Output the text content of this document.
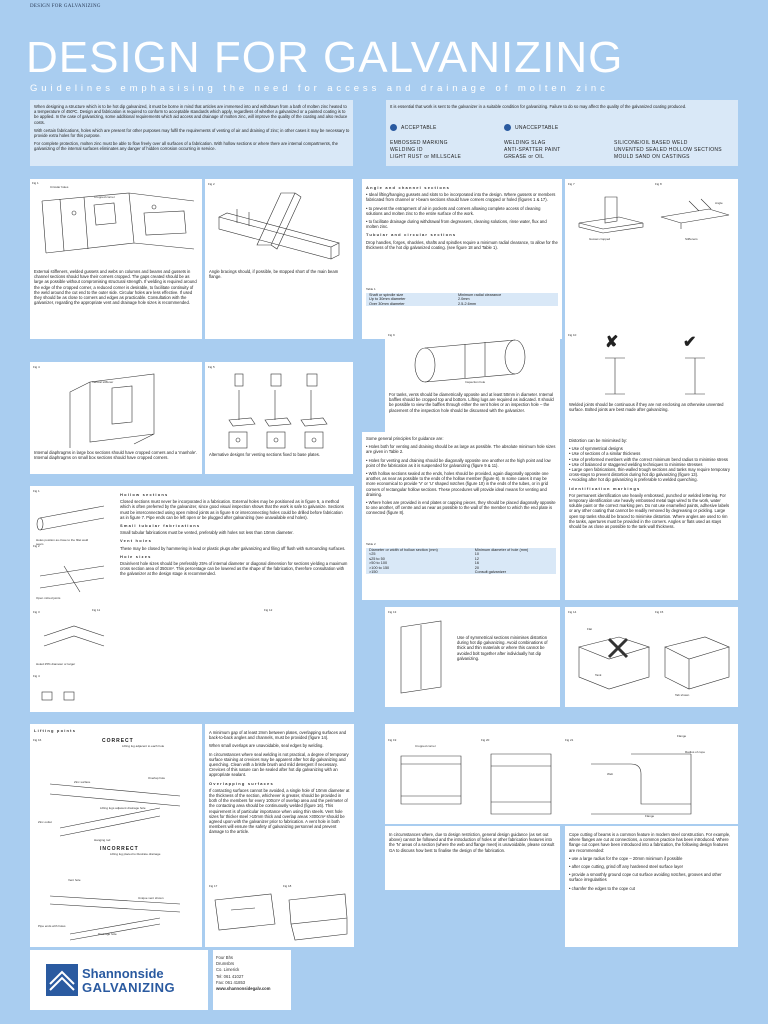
DESIGN FOR GALVANIZING
DESIGN FOR GALVANIZING
Guidelines emphasising the need for access and drainage of molten zinc

When designing a structure which is to be hot dip galvanized, it must be borne in mind that articles are immersed into and withdrawn from a bath of molten zinc heated to a temperature of 450ºC. Design and fabrication is required to conform to acceptable standards which apply, regardless of whether a galvanized or a painted coating is to be applied. In the case of galvanizing, some additional requirements which aid access and drainage of molten zinc, will improve the quality of the coating and also reduce costs.

With certain fabrications, holes which are present for other purposes may fulfil the requirements of venting of air and draining of zinc; in other cases it may be necessary to provide extra holes for this purpose.

For complete protection, molten zinc must be able to flow freely over all surfaces of a fabrication. With hollow sections or where there are internal compartments, the galvanizing of the internal surfaces eliminates any danger of hidden corrosion occurring in service.

It is essential that work is sent to the galvanizer in a suitable condition for galvanizing. Failure to do so may affect the quality of the galvanized coating produced.
ACCEPTABLE	UNACCEPTABLE
EMBOSSED MARKING
WELDING ID
LIGHT RUST or MILLSCALE
WELDING SLAG
ANTI-SPATTER PAINT
GREASE or OIL
SILICONE/OIL BASED WELD
UNVENTED SEALED HOLLOW SECTIONS
MOULD SAND ON CASTINGS
Circular holes
Cropped corner
Fig 1
External stiffeners, welded gussets and webs on columns and beams and gussets in channel sections should have their corners cropped. The gaps created should be as large as possible without compromising structural strength. If welding is required around the edge of the cropped corner, a reduced corner is desirable, to facilitate continuity of the weld around the cut end to the outer side. Circular holes are less effective. If used they should be as close to corners and edges as practicable. Consultation with the galvanizer, regarding the appropriate vent and drainage hole sizes is recommended.
Fig 2
Angle bracings should, if possible, be stopped short of the main beam flange.
Angle and channel sections

• Ideal lifting/hanging gussets and slots to be incorporated into the design. Where gussets or members fabricated from channel or I-beam sections should have corners cropped or holed (figures 1 & 17).

• to prevent the entrapment of air in pockets and corners allowing complete access of cleaning solutions and molten zinc to the entire surface of the work.

• to facilitate drainage during withdrawal from degreasers, cleaning solutions, rinse water, flux and molten zinc.

Tubular and circular sections

Drop handles, forges, shackles, shafts and spindles require a minimum radial clearance, to allow for the thickness of the hot dip galvanized coating. (see figure 18 and Table 1).

Table 1
Shaft or spindle size	Minimum radial clearance
Up to 30mm diameter	2.0mm
Over 30mm diameter	2.5-2.6mm
Fig 7	Fig 8
Gusset cropped	Stiffeners
Angle
Fig 4
Vertical stiffener
Internal diaphragms in large box sections should have cropped corners and a 'manhole'. Internal diaphragms on small box sections should have cropped corners.
Fig 5
Alternative designs for venting sections fixed to base plates.
Fig 9
Inspection hole
For tanks, vents should be diametrically opposite and at least 50mm in diameter. Internal baffles should be cropped top and bottom. Lifting lugs are required as indicated. It should be possible to view the baffles through either the vent holes or an inspection hole – the placement of the inspection hole should be discussed with the galvanizer.
Fig 10 ✘	✔
Welded joints should be continuous if they are not enclosing an otherwise unvented surface. Bolted joints are best made after galvanizing.
Fig 1
Fig 2
Fig 3
Fig 4
Holes position as close to the fillet weld seam
Open mitred joints
Holed 25% diameter or larger
Hollow sections

Closed sections must never be incorporated in a fabrication. External holes may be positioned as in figure 5, a method which is often preferred by the galvanizer, since good visual inspection shows that the work is safe to galvanize. Sections must be interconnected using open mitred joints as in figure 6 or interconnecting holes could be drilled before fabrication as in figure 7. Pipe ends can be left open or be plugged after galvanizing (see unavailable end holes).

Small tubular fabrications

Small tubular fabrications must be vented, preferably with holes not less than 10mm diameter.

Vent holes

These may be closed by hammering in lead or plastic plugs after galvanizing and filing off flush with surrounding surfaces.

Hole sizes

Drain/vent hole sizes should be preferably 25% of internal diameter or diagonal dimension for sections yielding a maximum cross section area of 350cm². This percentage can be lowered as the shape of the fabrication, therefore consultation with the galvanizer at the design stage is recommended.

Some general principles for guidance are:

• Holes both for venting and draining should be as large as possible. The absolute minimum hole sizes are given in Table 2.

• Holes for venting and draining should be diagonally opposite one another at the high point and low point of the fabrication as it is suspended for galvanizing (figure 9 & 11).

• With hollow sections sealed at the ends, holes should be provided, again diagonally opposite one another, as near as possible to the ends of the hollow member (figure 6). In some cases it may be more economical to provide 'V' or 'U' shaped notches (figure 10) in the ends of the tubes, or in grid corners of rectangular hollow sections. These procedures will provide ideal means for venting and draining.

• Where holes are provided in end plates or capping pieces, they should be placed diagonally opposite to one another, off centre and as near as possible to the wall of the member to which the end plate is connected (figure 8).

Table 2
Diameter or width of hollow section (mm)	Minimum diameter of hole (mm)
<25	10
≤25 to 50	12
>50 to 100	16
>100 to 150	20
>150	Consult galvanizer

Distortion can be minimised by:

• Use of symmetrical designs
• Use of sections of a similar thickness
• Use of preformed members with the correct minimum bend radius to minimise stress
• Use of balanced or staggered welding techniques to minimise stresses
• Large open fabrications, thin-walled trough sections and tanks may require temporary cross-stays to prevent distortion during hot dip galvanizing (figure 13).

• Avoiding after hot dip galvanizing is preferable to welded quenching.

Identification markings

For permanent identification use heavily embossed, punched or welded lettering. For temporary identification use heavily embossed metal tags wired to the work, water soluble paint or the correct marking pen. Do not use enamelled paints, adhesive labels or any other coating that cannot be readily removed by degreasing or pickling. Large open top tanks should be braced to minimise distortion. Where angles are used to rim the tanks, apertures must be provided in the corners. Angles or flats used as stays should be as close as possible to the tank wall thickness.

Fig 11	Fig 12	Fig 13
Use of symmetrical sections minimises distortion during hot dip galvanizing. Avoid combinations of thick and thin materials or where this cannot be avoided bolt together after individually hot dip galvanizing.
Fig 14	Fig 15
Flat
Tank
Tab shown
Lifting points
Fig 16	CORRECT
INCORRECT
Lifting lug adjacent to each hole
Zinc surface
Overlap hole
Lifting lugs adjacent drainage hole
Hanging rod
Lifting lug placed to illustrate drainage
Vent hole
Unique vent shown
Drainage hole
Zinc outlet
Pipe ends with holes

A minimum gap of at least 2mm between plates, overlapping surfaces and back-to-back angles and channels, must be provided (figure 14).

When small overlaps are unavoidable, seal edges by welding.

In circumstances where seal welding is not practical, a degree of temporary surface staining at crevices may be apparent after hot dip galvanizing and quenching. Clean with a bristle brush and mild detergent if necessary. Crevices of this nature can be sealed after hot dip galvanizing with an appropriate sealant.

Overlapping surfaces

If contacting surfaces cannot be avoided, a single hole of 10mm diameter at the thickness of the section, whichever is greater, should be provided in both of the members for every 100cm² of overlap area and the perimeter of the contacting area should be continuously welded (figure 16). This requirement is of particular importance when using thin steels. Vent hole sizes for thicker steel >10mm thick and overlap areas >300cm² should be agreed upon with the galvanizer prior to fabrication. A vent hole in both members will ensure the safety of galvanizing personnel and prevent damage to the article.

Fig 17	Fig 18
Fig 19	Fig 20	Fig 21
Cropped corner
Flange
Radius of cope
Web
Flange
In circumstances where, due to design restriction, general design guidance (as set out above) cannot be followed and the introduction of holes or other fabrication features into the 'N' areas of a section (where the web and flange meet) is unavoidable, please consult GA to discuss how best to finalise the design of the fabrication.

Cope cutting of beams is a common feature in modern steel construction. For example, where flanges are cut at connections, a common practice has been introduced. Where flange cut copes have been introduced into a fabrication, the following design features are recommended:

• use a large radius for the cope – 20mm minimum if possible

• after cope cutting, grind off any hardened steel surface layer

• provide a smoothly ground cope cut surface avoiding notches, grooves and other surface irregularities

• chamfer the edges to the cope cut

Shannonside
GALVANIZING
Four Bhs
Drumsbrs
Co. Limerick
Tel: 061 41027
Fax: 061 41853
www.shannonsidegalv.com
